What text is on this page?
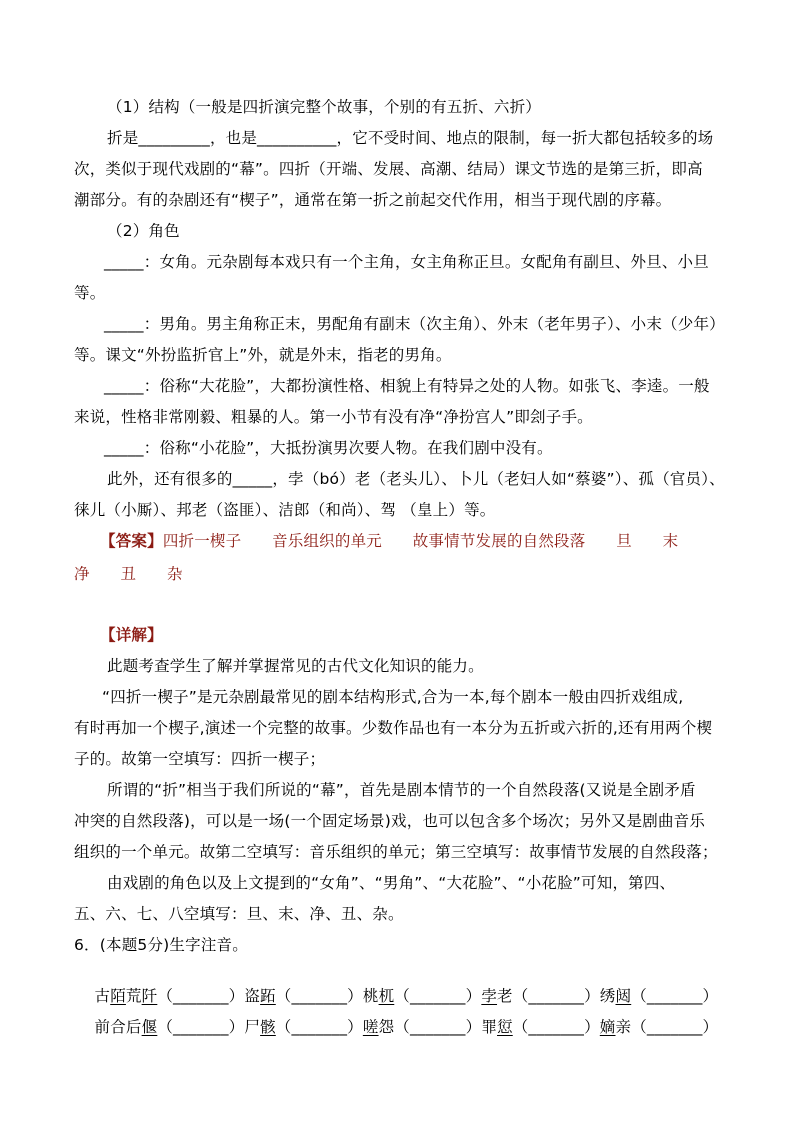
（1）结构（一般是四折演完整个故事，个别的有五折、六折）
折是_________，也是__________，它不受时间、地点的限制，每一折大都包括较多的场
次，类似于现代戏剧的“幕”。四折（开端、发展、高潮、结局）课文节选的是第三折，即高
潮部分。有的杂剧还有“楔子”，通常在第一折之前起交代作用，相当于现代剧的序幕。
（2）角色
_____：女角。元杂剧每本戏只有一个主角，女主角称正旦。女配角有副旦、外旦、小旦
等。
_____：男角。男主角称正末，男配角有副末（次主角）、外末（老年男子）、小末（少年）
等。课文“外扮监折官上”外，就是外末，指老的男角。
_____：俗称“大花脸”，大都扮演性格、相貌上有特异之处的人物。如张飞、李逵。一般
来说，性格非常刚毅、粗暴的人。第一小节有没有净“净扮宫人”即刽子手。
_____：俗称“小花脸”，大抵扮演男次要人物。在我们剧中没有。
此外，还有很多的_____，孛（bó）老（老头儿）、卜儿（老妇人如“蔡婆”）、孤（官员）、
徕儿（小厮）、邦老（盗匪）、洁郎（和尚）、驾 （皇上）等。
【答案】四折一楔子      音乐组织的单元      故事情节发展的自然段落      旦      末
净      丑      杂
【详解】
此题考查学生了解并掌握常见的古代文化知识的能力。
“四折一楔子”是元杂剧最常见的剧本结构形式,合为一本,每个剧本一般由四折戏组成,
有时再加一个楔子,演述一个完整的故事。少数作品也有一本分为五折或六折的,还有用两个楔
子的。故第一空填写：四折一楔子；
所谓的“折”相当于我们所说的“幕”，首先是剧本情节的一个自然段落(又说是全剧矛盾
冲突的自然段落)，可以是一场(一个固定场景)戏，也可以包含多个场次；另外又是剧曲音乐
组织的一个单元。故第二空填写：音乐组织的单元；第三空填写：故事情节发展的自然段落；
由戏剧的角色以及上文提到的“女角”、“男角”、“大花脸”、“小花脸”可知，第四、
五、六、七、八空填写：旦、末、净、丑、杂。
6．(本题5分)生字注音。

古陌荒阡（_______）盗跖（_______）桃杌（_______）孛老（_______）绣闼（_______）

前合后偃（_______）尸骸（_______）嗟怨（_______）罪愆（_______）嫡亲（_______）
